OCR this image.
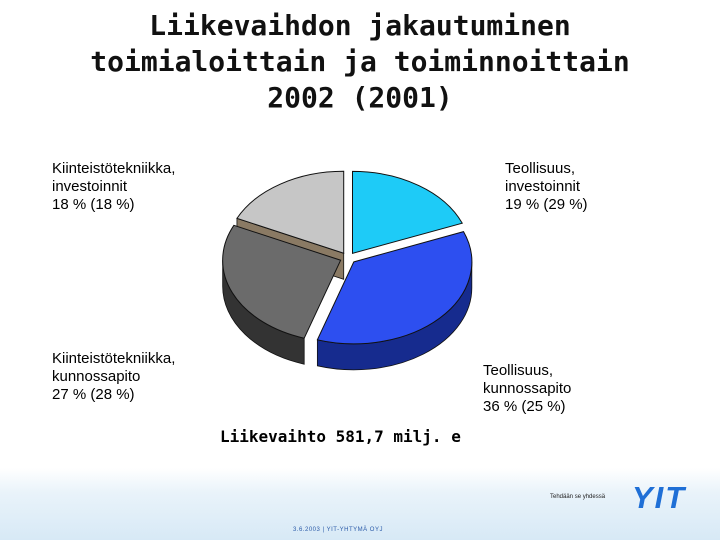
Liikevaihdon jakautuminen
toimialoittain ja toiminnoittain
2002 (2001)
Kiinteistötekniikka,
investoinnit
18 % (18 %)
Teollisuus,
investoinnit
19 % (29 %)
Kiinteistötekniikka,
kunnossapito
27 % (28 %)
Teollisuus,
kunnossapito
36 % (25 %)
Liikevaihto 581,7 milj. e
Tehdään se yhdessä YIT
3.6.2003 | YIT-YHTYMÄ OYJ
